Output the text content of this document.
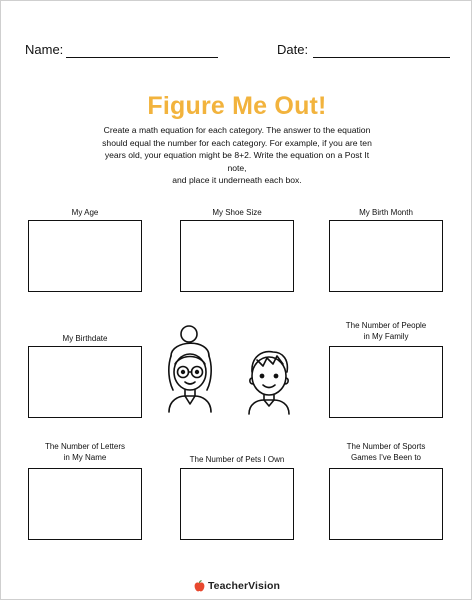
Name:	Date:
Figure Me Out!

Create a math equation for each category. The answer to the equation

should equal the number for each category. For example, if you are ten

years old, your equation might be 8+2. Write the equation on a Post It note,

and place it underneath each box.

My Age	My Shoe Size	My Birth Month
My Birthdate
The Number of People
in My Family
The Number of Letters
in My Name	The Number of Pets I Own
The Number of Sports
Games I've Been to
TeacherVision
